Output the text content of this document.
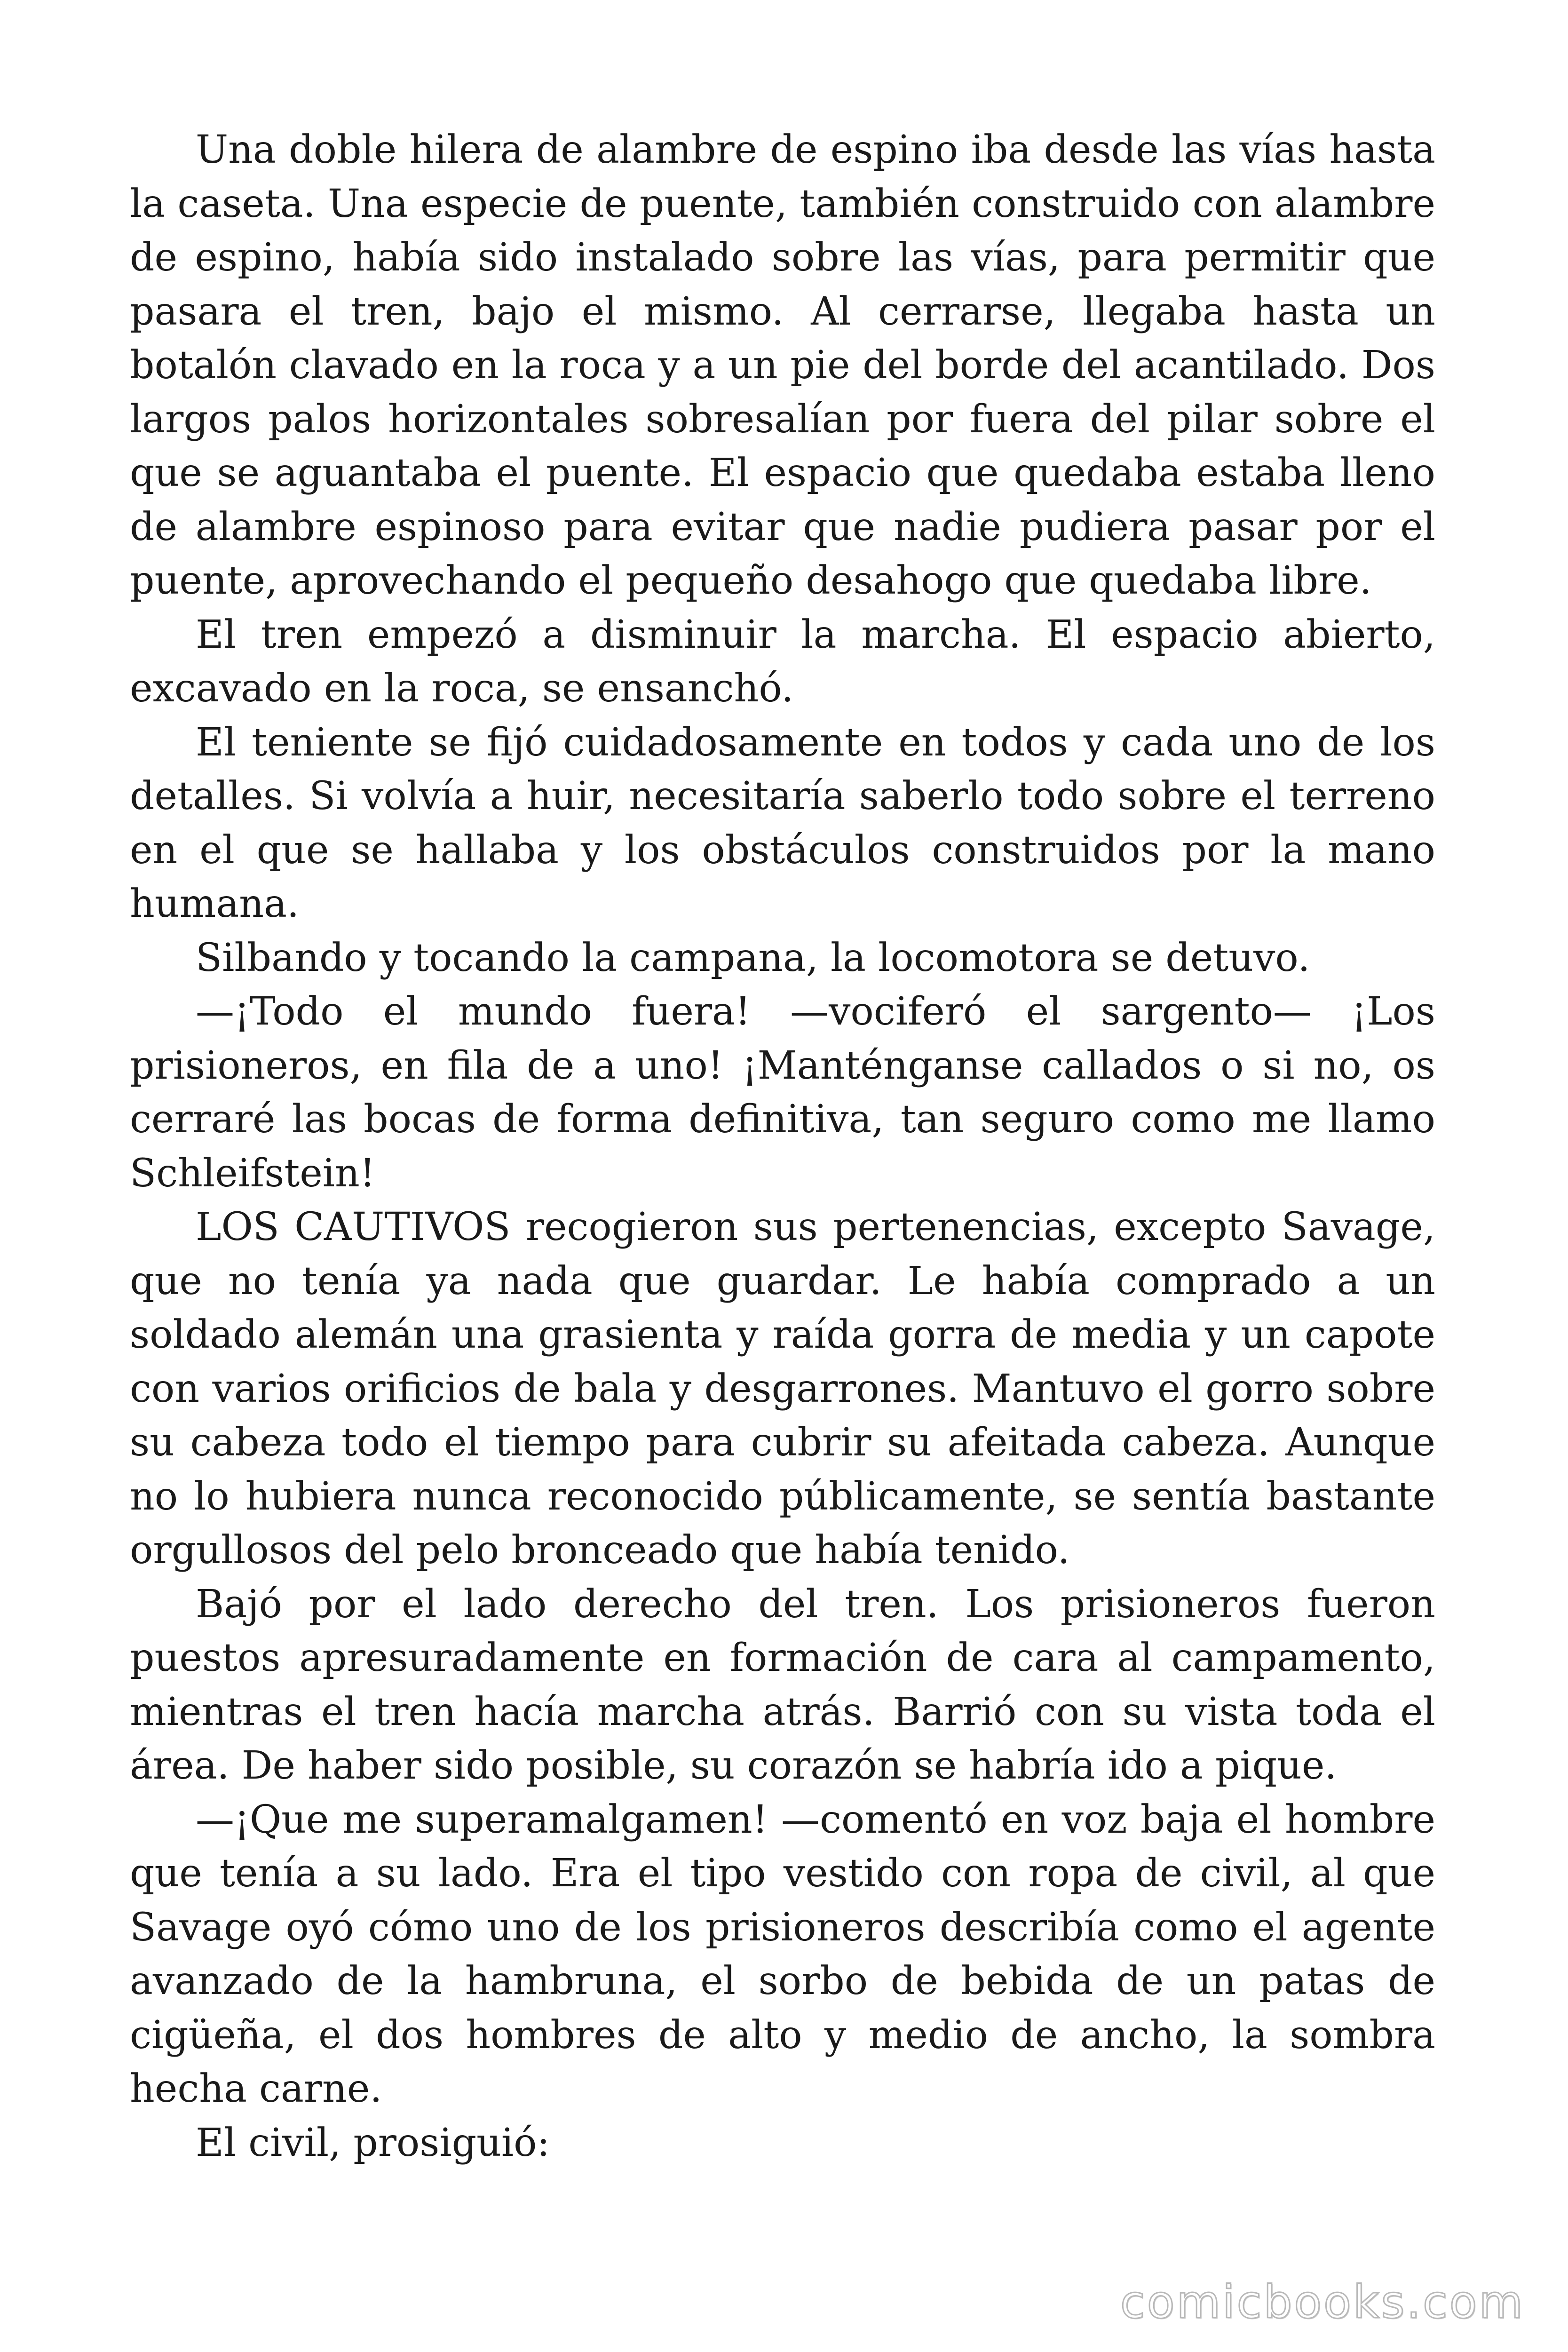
Una doble hilera de alambre de espino iba desde las vías hasta la caseta. Una especie de puente, también construido con alambre de espino, había sido instalado sobre las vías, para permitir que pasara el tren, bajo el mismo. Al cerrarse, llegaba hasta un botalón clavado en la roca y a un pie del borde del acantilado. Dos largos palos horizontales sobresalían por fuera del pilar sobre el que se aguantaba el puente. El espacio que quedaba estaba lleno de alambre espinoso para evitar que nadie pudiera pasar por el puente, aprovechando el pequeño desahogo que quedaba libre.

El tren empezó a disminuir la marcha. El espacio abierto, excavado en la roca, se ensanchó.

El teniente se fijó cuidadosamente en todos y cada uno de los detalles. Si volvía a huir, necesitaría saberlo todo sobre el terreno en el que se hallaba y los obstáculos construidos por la mano humana.

Silbando y tocando la campana, la locomotora se detuvo.

—¡Todo el mundo fuera! —vociferó el sargento— ¡Los prisioneros, en fila de a uno! ¡Manténganse callados o si no, os cerraré las bocas de forma definitiva, tan seguro como me llamo Schleifstein!

LOS CAUTIVOS recogieron sus pertenencias, excepto Savage, que no tenía ya nada que guardar. Le había comprado a un soldado alemán una grasienta y raída gorra de media y un capote con varios orificios de bala y desgarrones. Mantuvo el gorro sobre su cabeza todo el tiempo para cubrir su afeitada cabeza. Aunque no lo hubiera nunca reconocido públicamente, se sentía bastante orgullosos del pelo bronceado que había tenido.

Bajó por el lado derecho del tren. Los prisioneros fueron puestos apresuradamente en formación de cara al campamento, mientras el tren hacía marcha atrás. Barrió con su vista toda el área. De haber sido posible, su corazón se habría ido a pique.

—¡Que me superamalgamen! —comentó en voz baja el hombre que tenía a su lado. Era el tipo vestido con ropa de civil, al que Savage oyó cómo uno de los prisioneros describía como el agente avanzado de la hambruna, el sorbo de bebida de un patas de cigüeña, el dos hombres de alto y medio de ancho, la sombra hecha carne.

El civil, prosiguió:

comicbooks.com
